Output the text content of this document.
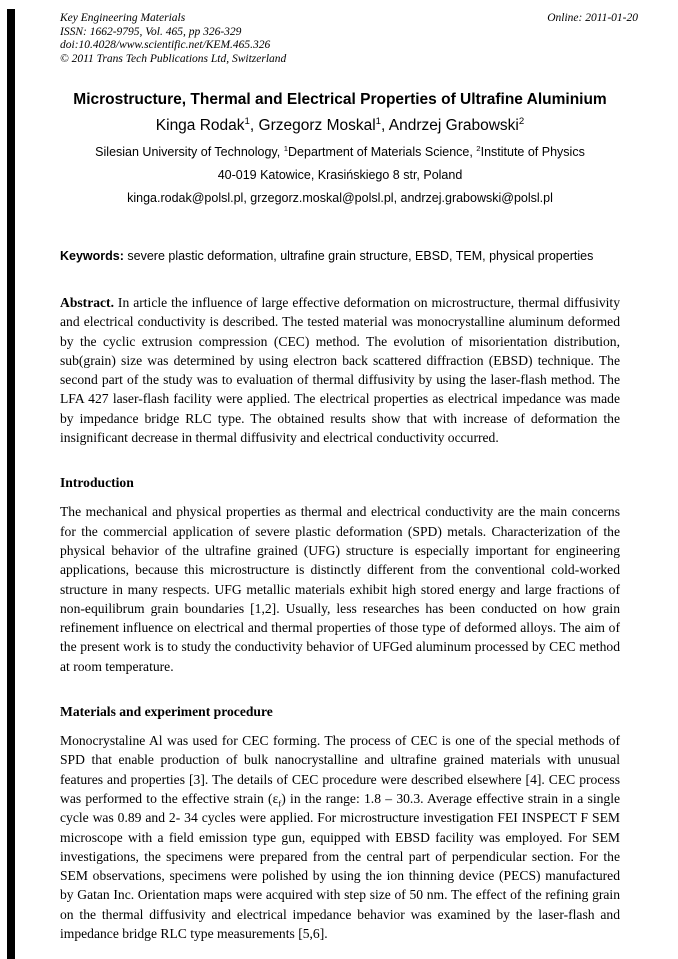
Key Engineering Materials
ISSN: 1662-9795, Vol. 465, pp 326-329
doi:10.4028/www.scientific.net/KEM.465.326
© 2011 Trans Tech Publications Ltd, Switzerland
Online: 2011-01-20
Microstructure, Thermal and Electrical Properties of Ultrafine Aluminium
Kinga Rodak$^1$, Grzegorz Moskal$^1$, Andrzej Grabowski$^2$
Silesian University of Technology, $^1$Department of Materials Science, $^2$Institute of Physics
40-019 Katowice, Krasińskiego 8 str, Poland
kinga.rodak@polsl.pl, grzegorz.moskal@polsl.pl, andrzej.grabowski@polsl.pl
Keywords: severe plastic deformation, ultrafine grain structure, EBSD, TEM, physical properties

Abstract. In article the influence of large effective deformation on microstructure, thermal diffusivity and electrical conductivity is described. The tested material was monocrystalline aluminum deformed by the cyclic extrusion compression (CEC) method. The evolution of misorientation distribution, sub(grain) size was determined by using electron back scattered diffraction (EBSD) technique. The second part of the study was to evaluation of thermal diffusivity by using the laser-flash method. The LFA 427 laser-flash facility were applied. The electrical properties as electrical impedance was made by impedance bridge RLC type. The obtained results show that with increase of deformation the insignificant decrease in thermal diffusivity and electrical conductivity occurred.

Introduction

The mechanical and physical properties as thermal and electrical conductivity are the main concerns for the commercial application of severe plastic deformation (SPD) metals. Characterization of the physical behavior of the ultrafine grained (UFG) structure is especially important for engineering applications, because this microstructure is distinctly different from the conventional cold-worked structure in many respects. UFG metallic materials exhibit high stored energy and large fractions of non-equilibrum grain boundaries [1,2]. Usually, less researches has been conducted on how grain refinement influence on electrical and thermal properties of those type of deformed alloys. The aim of the present work is to study the conductivity behavior of UFGed aluminum processed by CEC method at room temperature.

Materials and experiment procedure

Monocrystaline Al was used for CEC forming. The process of CEC is one of the special methods of SPD that enable production of bulk nanocrystalline and ultrafine grained materials with unusual features and properties [3]. The details of CEC procedure were described elsewhere [4]. CEC process was performed to the effective strain $(\varepsilon_f)$ in the range: 1.8 – 30.3. Average effective strain in a single cycle was 0.89 and 2- 34 cycles were applied. For microstructure investigation FEI INSPECT F SEM microscope with a field emission type gun, equipped with EBSD facility was employed. For SEM investigations, the specimens were prepared from the central part of perpendicular section. For the SEM observations, specimens were polished by using the ion thinning device (PECS) manufactured by Gatan Inc. Orientation maps were acquired with step size of 50 nm. The effect of the refining grain on the thermal diffusivity and electrical impedance behavior was examined by the laser-flash and impedance bridge RLC type measurements [5,6].
